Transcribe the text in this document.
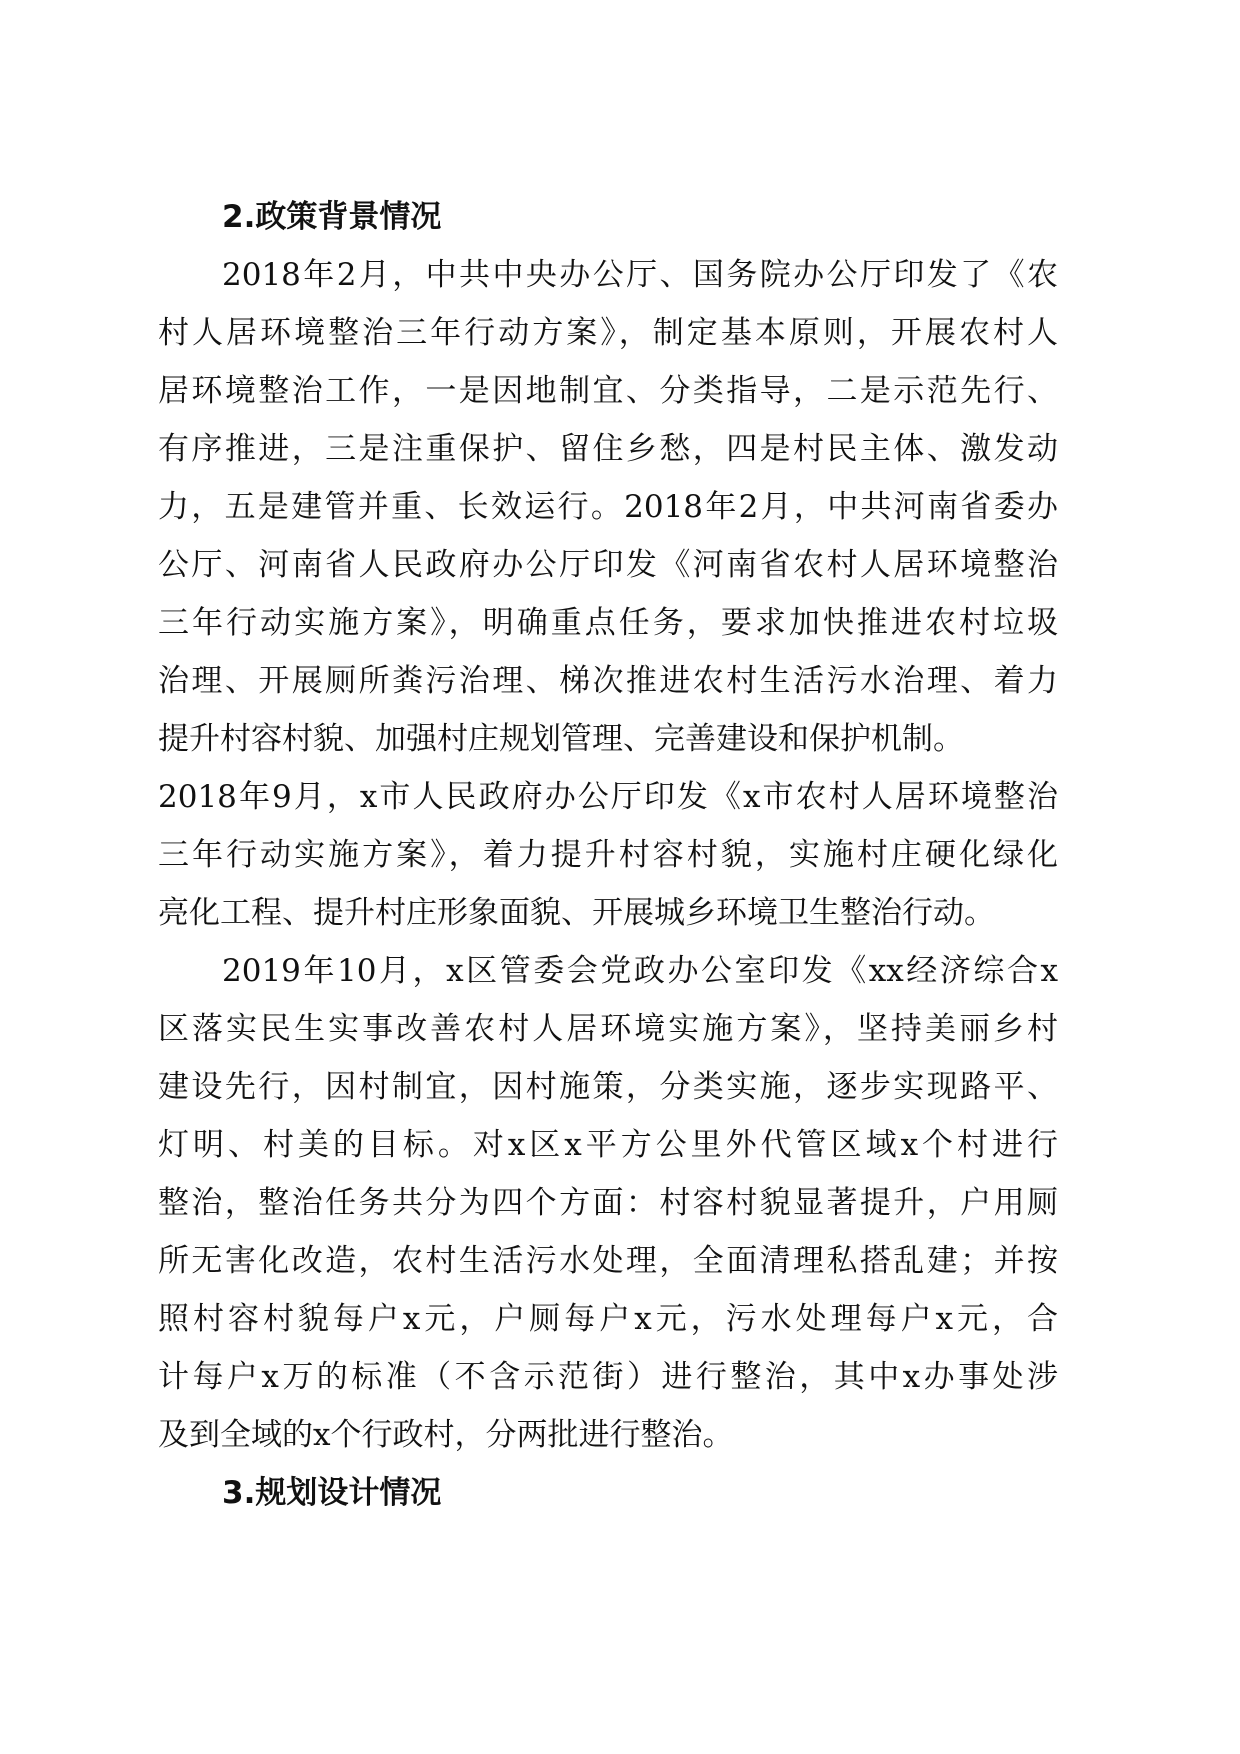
2.政策背景情况

2018年2月，中共中央办公厅、国务院办公厅印发了《农
村人居环境整治三年行动方案》，制定基本原则，开展农村人
居环境整治工作，一是因地制宜、分类指导，二是示范先行、
有序推进，三是注重保护、留住乡愁，四是村民主体、激发动
力，五是建管并重、长效运行。2018年2月，中共河南省委办
公厅、河南省人民政府办公厅印发《河南省农村人居环境整治
三年行动实施方案》，明确重点任务，要求加快推进农村垃圾
治理、开展厕所粪污治理、梯次推进农村生活污水治理、着力
提升村容村貌、加强村庄规划管理、完善建设和保护机制。
2018年9月，x市人民政府办公厅印发《x市农村人居环境整治
三年行动实施方案》，着力提升村容村貌，实施村庄硬化绿化
亮化工程、提升村庄形象面貌、开展城乡环境卫生整治行动。

2019年10月，x区管委会党政办公室印发《xx经济综合x
区落实民生实事改善农村人居环境实施方案》，坚持美丽乡村
建设先行，因村制宜，因村施策，分类实施，逐步实现路平、
灯明、村美的目标。对x区x平方公里外代管区域x个村进行
整治，整治任务共分为四个方面：村容村貌显著提升，户用厕
所无害化改造，农村生活污水处理，全面清理私搭乱建；并按
照村容村貌每户x元，户厕每户x元，污水处理每户x元，合
计每户x万的标准（不含示范街）进行整治，其中x办事处涉
及到全域的x个行政村，分两批进行整治。

3.规划设计情况
